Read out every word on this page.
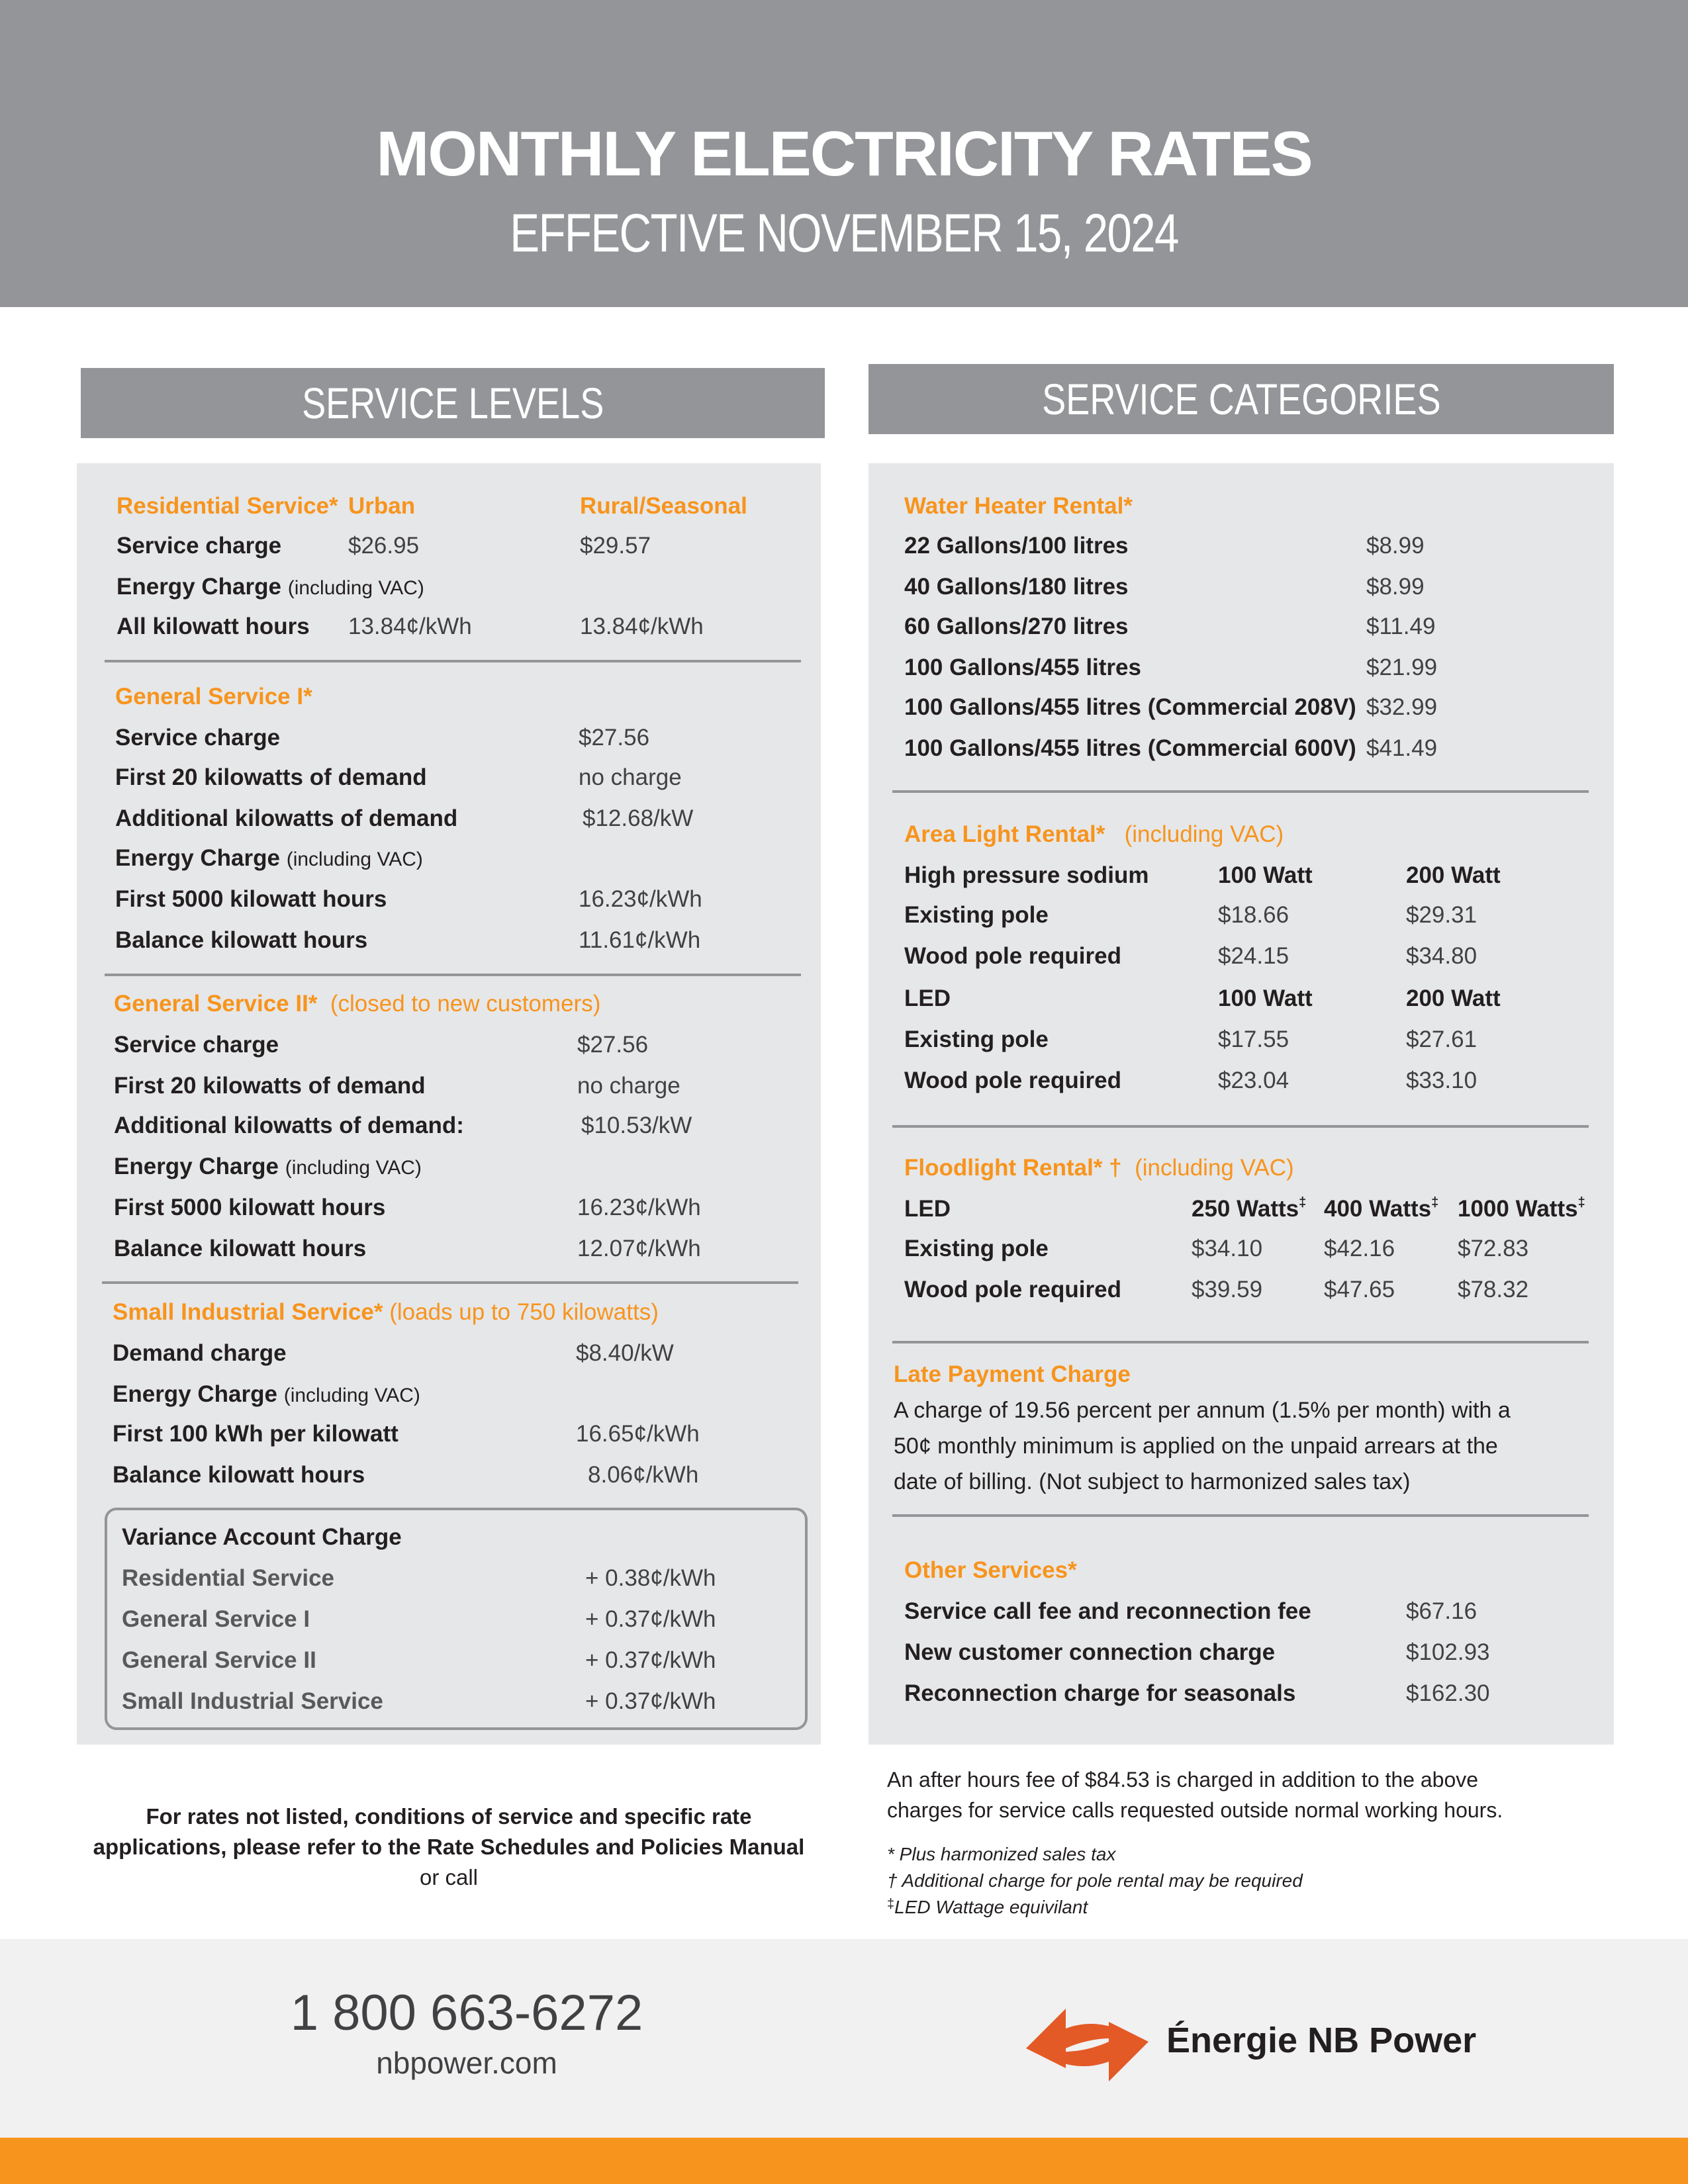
MONTHLY ELECTRICITY RATES
EFFECTIVE NOVEMBER 15, 2024
SERVICE LEVELS
Residential Service* Urban	Rural/Seasonal
Service charge	$26.95	$29.57
Energy Charge (including VAC)
All kilowatt hours 13.84¢/kWh	13.84¢/kWh
General Service I*
Service charge	$27.56
First 20 kilowatts of demand	no charge
Additional kilowatts of demand	$12.68/kW
Energy Charge (including VAC)
First 5000 kilowatt hours	16.23¢/kWh
Balance kilowatt hours	11.61¢/kWh
General Service II* (closed to new customers)
Service charge	$27.56
First 20 kilowatts of demand	no charge
Additional kilowatts of demand:	$10.53/kW
Energy Charge (including VAC)
First 5000 kilowatt hours	16.23¢/kWh
Balance kilowatt hours	12.07¢/kWh
Small Industrial Service* (loads up to 750 kilowatts)
Demand charge	$8.40/kW
Energy Charge (including VAC)
First 100 kWh per kilowatt	16.65¢/kWh
Balance kilowatt hours	8.06¢/kWh
Variance Account Charge
Residential Service	+ 0.38¢/kWh
General Service I	+ 0.37¢/kWh
General Service II	+ 0.37¢/kWh
Small Industrial Service	+ 0.37¢/kWh
For rates not listed, conditions of service and specific rate
applications, please refer to the Rate Schedules and Policies Manual
or call
SERVICE CATEGORIES
Water Heater Rental*
22 Gallons/100 litres	$8.99
40 Gallons/180 litres	$8.99
60 Gallons/270 litres	$11.49
100 Gallons/455 litres	$21.99
100 Gallons/455 litres (Commercial 208V) $32.99
100 Gallons/455 litres (Commercial 600V) $41.49
Area Light Rental* (including VAC)
High pressure sodium	100 Watt	200 Watt
Existing pole	$18.66	$29.31
Wood pole required	$24.15	$34.80
LED	100 Watt	200 Watt
Existing pole	$17.55	$27.61
Wood pole required	$23.04	$33.10
Floodlight Rental* † (including VAC)
LED	250 Watts‡ 400 Watts‡ 1000 Watts‡
Existing pole	$34.10	$42.16	$72.83
Wood pole required	$39.59	$47.65	$78.32
Late Payment Charge
A charge of 19.56 percent per annum (1.5% per month) with a
50¢ monthly minimum is applied on the unpaid arrears at the
date of billing. (Not subject to harmonized sales tax)
Other Services*
Service call fee and reconnection fee	$67.16
New customer connection charge	$102.93
Reconnection charge for seasonals	$162.30
An after hours fee of $84.53 is charged in addition to the above
charges for service calls requested outside normal working hours.
* Plus harmonized sales tax
† Additional charge for pole rental may be required
‡LED Wattage equivilant
1 800 663-6272
nbpower.com
Énergie NB Power
